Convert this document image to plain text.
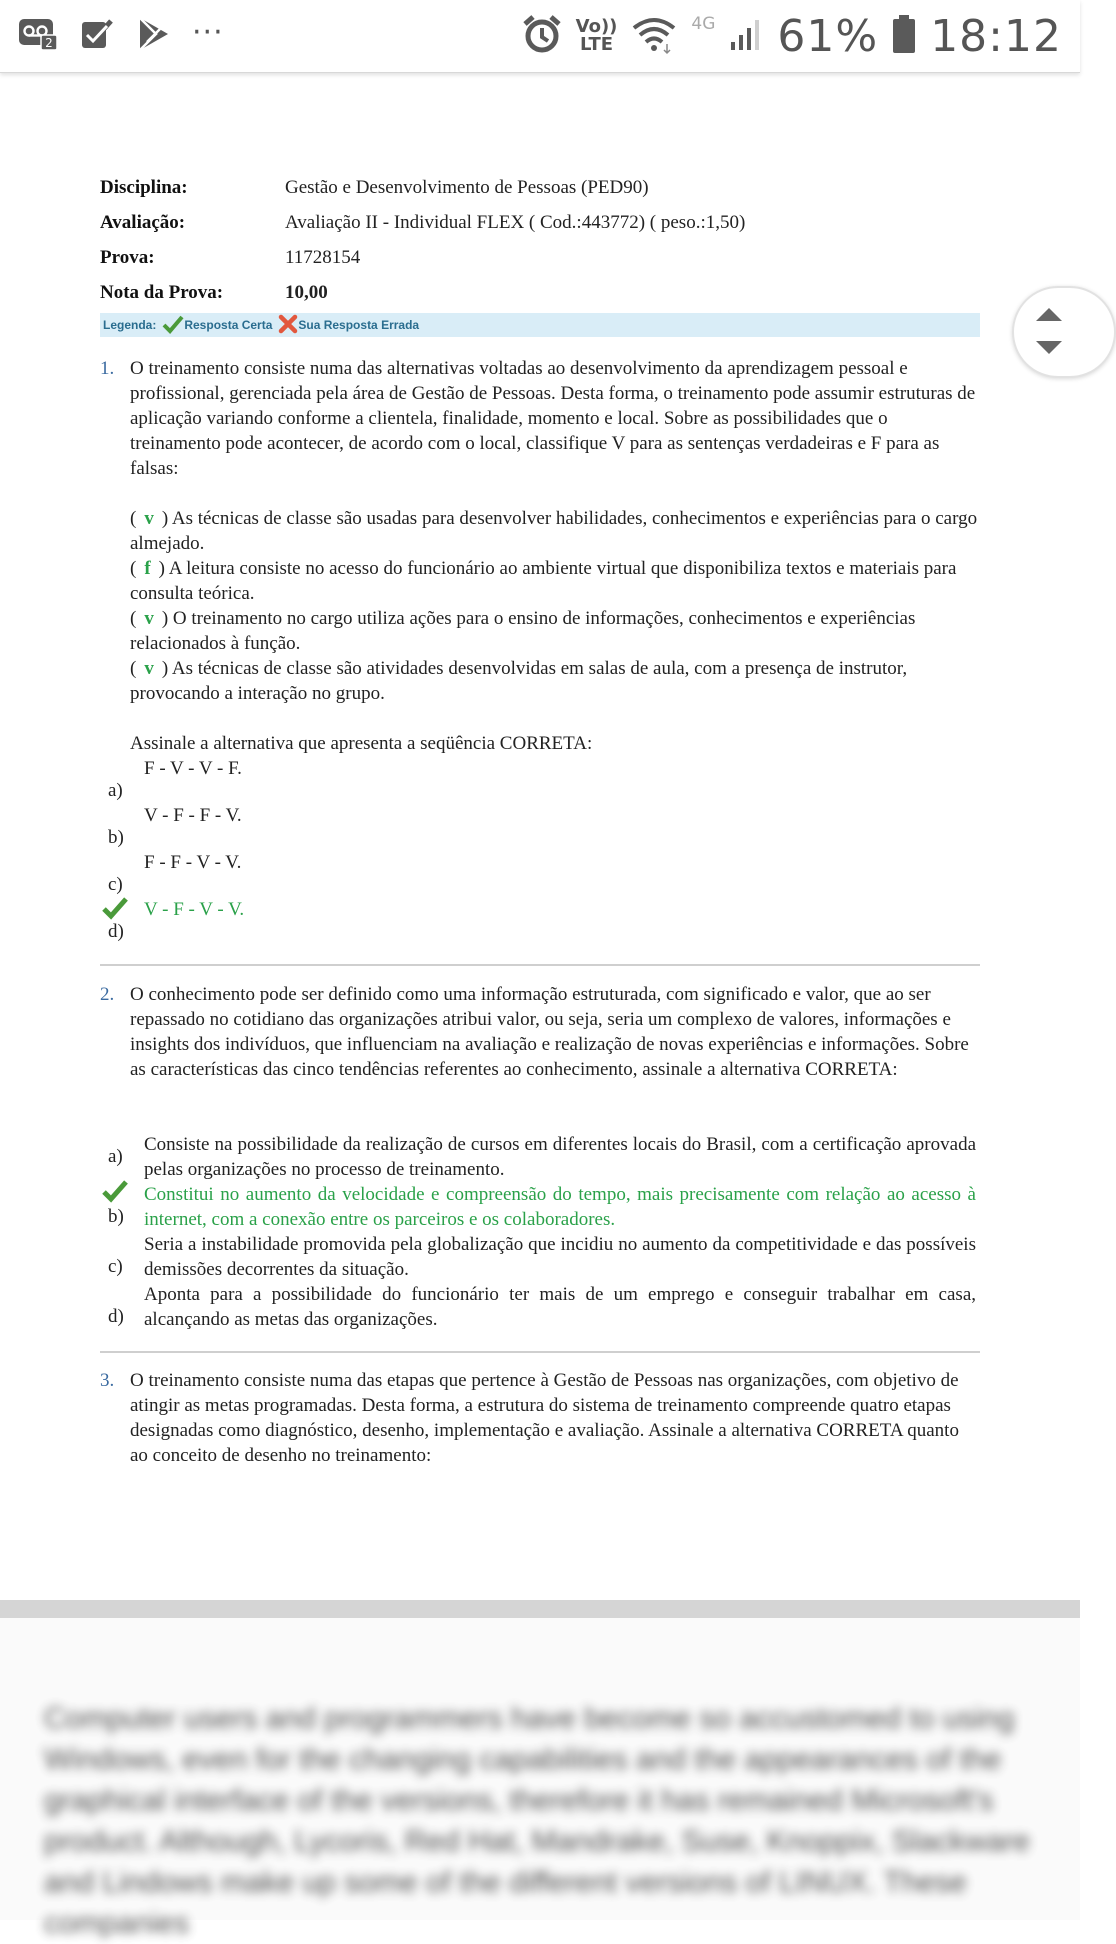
2	···	Vo))
LTE
4G 61% 18:12
Disciplina:	Gestão e Desenvolvimento de Pessoas (PED90)
Avaliação:	Avaliação II - Individual FLEX ( Cod.:443772) ( peso.:1,50)
Prova:	11728154
Nota da Prova:	10,00
Legenda: Resposta Certa Sua Resposta Errada
1. O treinamento consiste numa das alternativas voltadas ao desenvolvimento da aprendizagem pessoal e profissional, gerenciada pela área de Gestão de Pessoas. Desta forma, o treinamento pode assumir estruturas de aplicação variando conforme a clientela, finalidade, momento e local. Sobre as possibilidades que o treinamento pode acontecer, de acordo com o local, classifique V para as sentenças verdadeiras e F para as falsas:
( v ) As técnicas de classe são usadas para desenvolver habilidades, conhecimentos e experiências para o cargo almejado.
( f ) A leitura consiste no acesso do funcionário ao ambiente virtual que disponibiliza textos e materiais para consulta teórica.
( v ) O treinamento no cargo utiliza ações para o ensino de informações, conhecimentos e experiências relacionados à função.
( v ) As técnicas de classe são atividades desenvolvidas em salas de aula, com a presença de instrutor, provocando a interação no grupo.
Assinale a alternativa que apresenta a seqüência CORRETA:
F - V - V - F.
a)
V - F - F - V.
b)
F - F - V - V.
c)
V - F - V - V.
d)
2. O conhecimento pode ser definido como uma informação estruturada, com significado e valor, que ao ser repassado no cotidiano das organizações atribui valor, ou seja, seria um complexo de valores, informações e insights dos indivíduos, que influenciam na avaliação e realização de novas experiências e informações. Sobre as características das cinco tendências referentes ao conhecimento, assinale a alternativa CORRETA:
Consiste na possibilidade da realização de cursos em diferentes locais do Brasil, com a certificação aprovada pelas organizações no processo de treinamento.
a)
Constitui no aumento da velocidade e compreensão do tempo, mais precisamente com relação ao acesso à internet, com a conexão entre os parceiros e os colaboradores.
b)
Seria a instabilidade promovida pela globalização que incidiu no aumento da competitividade e das possíveis demissões decorrentes da situação.
c)
Aponta para a possibilidade do funcionário ter mais de um emprego e conseguir trabalhar em casa, alcançando as metas das organizações.
d)
3. O treinamento consiste numa das etapas que pertence à Gestão de Pessoas nas organizações, com objetivo de atingir as metas programadas. Desta forma, a estrutura do sistema de treinamento compreende quatro etapas designadas como diagnóstico, desenho, implementação e avaliação. Assinale a alternativa CORRETA quanto ao conceito de desenho no treinamento:
Computer users and programmers have become so accustomed to using Windows, even for the changing capabilities and the appearances of the graphical interface of the versions, therefore it has remained Microsoft's product. Although, Lycoris, Red Hat, Mandrake, Suse, Knoppix, Slackware and Lindows make up some of the different versions of LINUX. These companies
